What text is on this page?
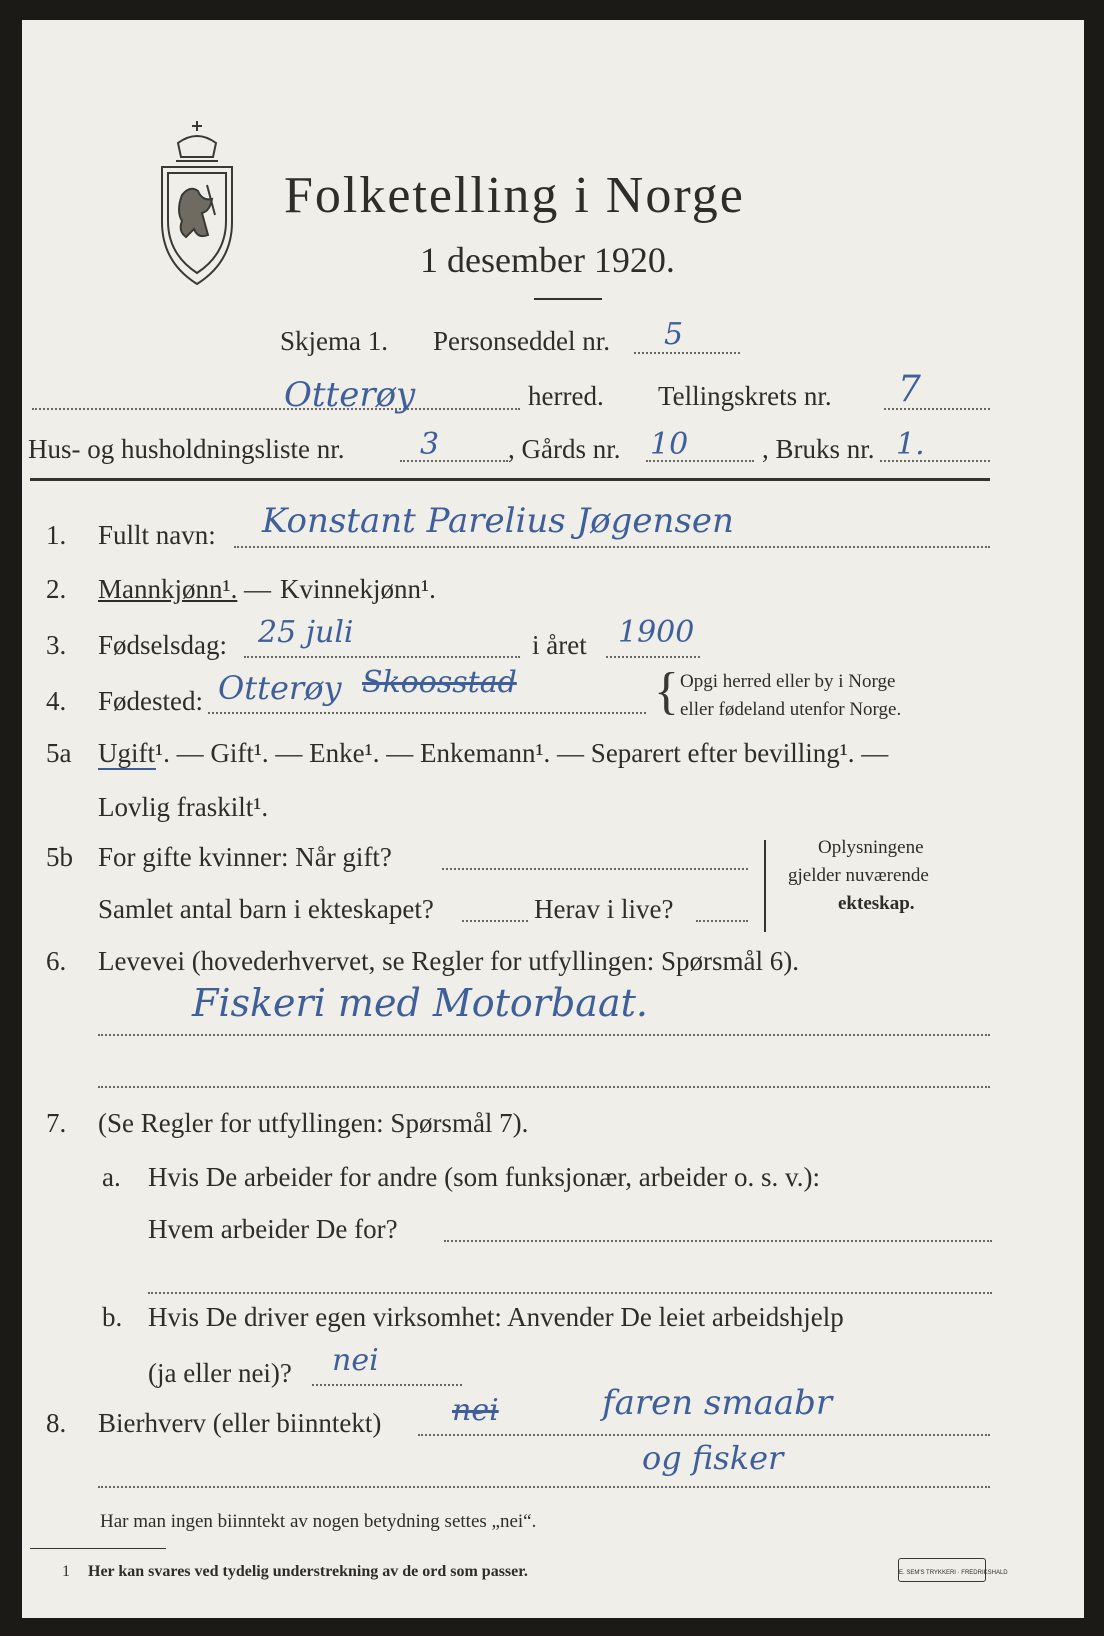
Folketelling i Norge
1 desember 1920.
Skjema 1. Personseddel nr. 5
Otterøy	herred. Tellingskrets nr. 7
Hus- og husholdningsliste nr.	3	, Gårds nr. 10	, Bruks nr. 1.
1. Fullt navn: Konstant Parelius Jøgensen
2. Mannkjønn¹. — Kvinnekjønn¹.
3. Fødselsdag: 25 juli	i året 1900
4. Fødested: Otterøy Skoosstad	{ Opgi herred eller by i Norge
eller fødeland utenfor Norge.
5a Ugift¹. — Gift¹. — Enke¹. — Enkemann¹. — Separert efter bevilling¹. —
Lovlig fraskilt¹.
5b For gifte kvinner: Når gift?
Samlet antal barn i ekteskapet?	Herav i live?
Oplysningene
gjelder nuværende
ekteskap.
6. Levevei (hovederhvervet, se Regler for utfyllingen: Spørsmål 6).
Fiskeri med Motorbaat.
7. (Se Regler for utfyllingen: Spørsmål 7).
a. Hvis De arbeider for andre (som funksjonær, arbeider o. s. v.):
Hvem arbeider De for?
b. Hvis De driver egen virksomhet: Anvender De leiet arbeidshjelp
(ja eller nei)? nei
8. Bierhverv (eller biinntekt) nei	faren smaabr
og fisker
Har man ingen biinntekt av nogen betydning settes „nei“.
1 Her kan svares ved tydelig understrekning av de ord som passer.	E. SEM'S TRYKKERI · FREDRIKSHALD
